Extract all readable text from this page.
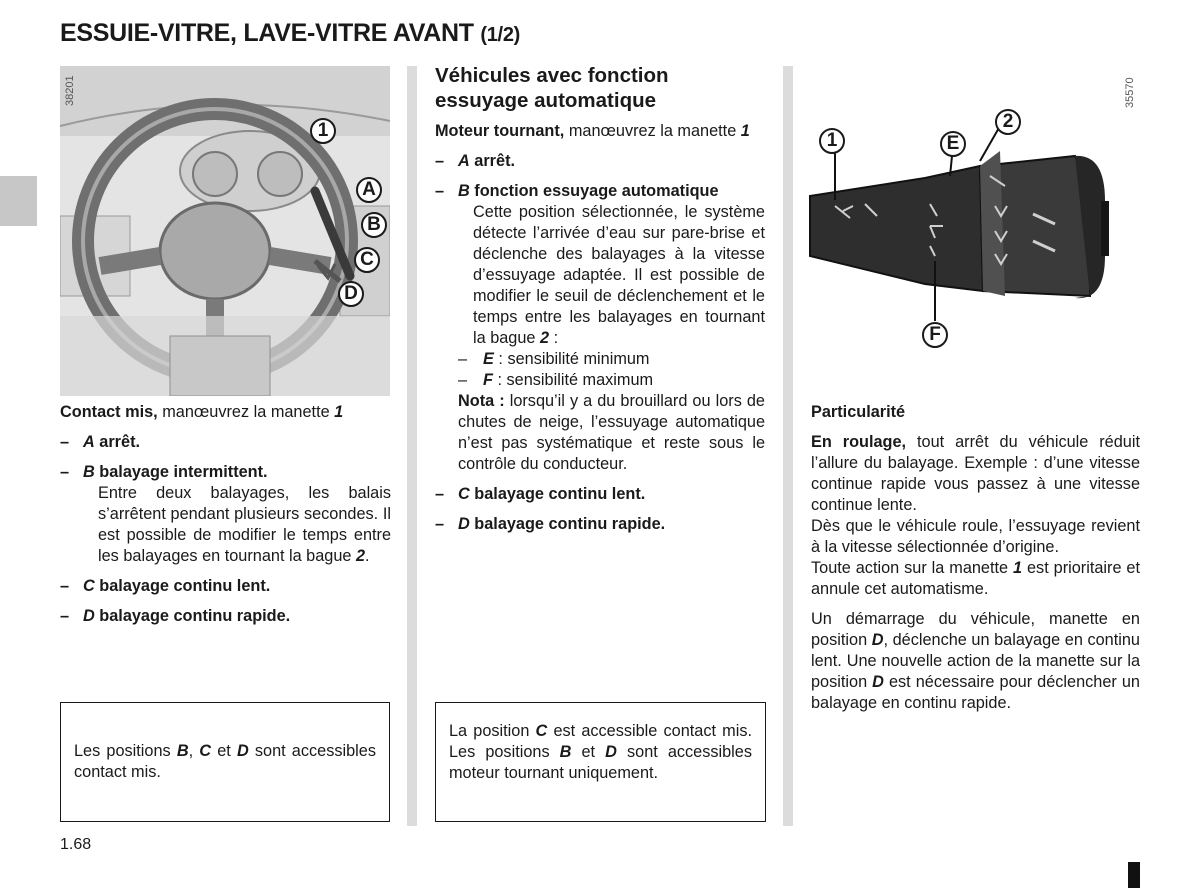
ESSUIE-VITRE, LAVE-VITRE AVANT (1/2)
38201
1
A
B
C
D
35570
1	E
2
F

Contact mis, manœuvrez la manette 1

– A arrêt.
– B balayage intermittent.

Entre deux balayages, les balais s’arrêtent pendant plusieurs secondes. Il est possible de modifier le temps entre les balayages en tournant la bague 2.

– C balayage continu lent.
– D balayage continu rapide.

Les positions B, C et D sont accessibles contact mis.

Véhicules avec fonction essuyage automatique

Moteur tournant, manœuvrez la manette 1

– A arrêt.
– B fonction essuyage automatique

Cette position sélectionnée, le système détecte l’arrivée d’eau sur pare-brise et déclenche des balayages à la vitesse d’essuyage adaptée. Il est possible de modifier le seuil de déclenchement et le temps entre les balayages en tournant la bague 2 :

– E : sensibilité minimum
– F : sensibilité maximum

Nota : lorsqu’il y a du brouillard ou lors de chutes de neige, l’essuyage automatique n’est pas systématique et reste sous le contrôle du conducteur.

– C balayage continu lent.
– D balayage continu rapide.

La position C est accessible contact mis. Les positions B et D sont accessibles moteur tournant uniquement.

Particularité

En roulage, tout arrêt du véhicule réduit l’allure du balayage. Exemple : d’une vitesse continue rapide vous passez à une vitesse continue lente.

Dès que le véhicule roule, l’essuyage revient à la vitesse sélectionnée d’origine.

Toute action sur la manette 1 est prioritaire et annule cet automatisme.

Un démarrage du véhicule, manette en position D, déclenche un balayage en continu lent. Une nouvelle action de la manette sur la position D est nécessaire pour déclencher un balayage en continu rapide.

1.68
